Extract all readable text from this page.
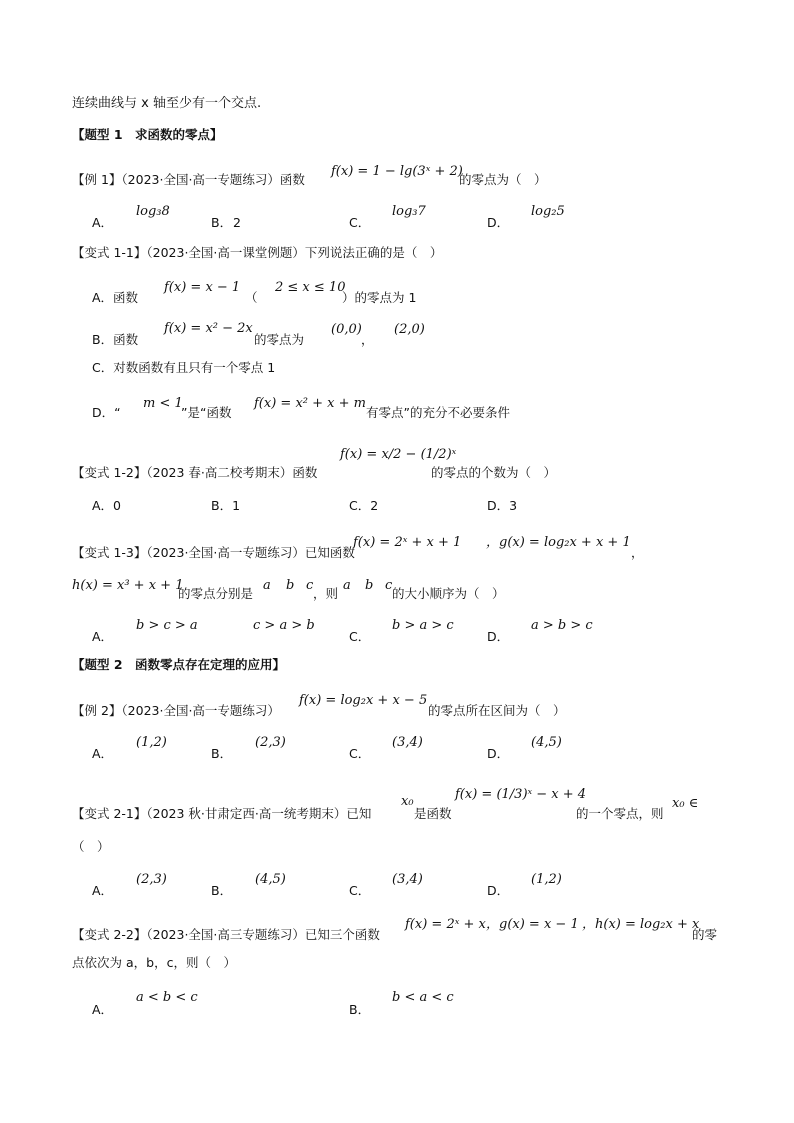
连续曲线与 x 轴至少有一个交点.
【题型 1　求函数的零点】
【例 1】（2023·全国·高一专题练习）函数
f(x) = 1 − lg(3ˣ + 2)
的零点为（　）
A．
log₃8
B． 2	C．
log₃7
D．
log₂5
【变式 1-1】（2023·全国·高一课堂例题）下列说法正确的是（　）
A．函数
f(x) = x − 1
（
2 ≤ x ≤ 10
）的零点为 1
B．函数
f(x) = x² − 2x
的零点为
(0,0)
，
(2,0)
C．对数函数有且只有一个零点 1
D．“
m < 1
”是“函数
f(x) = x² + x + m
有零点”的充分不必要条件
【变式 1-2】（2023 春·高二校考期末）函数
f(x) = x/2 − (1/2)ˣ
的零点的个数为（　）
A．0	B．1	C．2	D．3
【变式 1-3】（2023·全国·高一专题练习）已知函数
f(x) = 2ˣ + x + 1 ，g(x) = log₂x + x + 1
，
h(x) = x³ + x + 1
的零点分别是
a b c
，则
a b c
的大小顺序为（　）
A．
b > c > a	c > a > b
C．
b > a > c
D．
a > b > c
【题型 2　函数零点存在定理的应用】
【例 2】（2023·全国·高一专题练习）
f(x) = log₂x + x − 5
的零点所在区间为（　）
A．
(1,2)
B．
(2,3)
C．
(3,4)
D．
(4,5)
【变式 2-1】（2023 秋·甘肃定西·高一统考期末）已知
x₀
是函数
f(x) = (1/3)ˣ − x + 4
的一个零点，则
x₀ ∈
（　）
A．
(2,3)
B．
(4,5)
C．
(3,4)
D．
(1,2)
【变式 2-2】（2023·全国·高三专题练习）已知三个函数
f(x) = 2ˣ + x ，g(x) = x − 1 ，h(x) = log₂x + x
的零
点依次为 a，b，c，则（　）
A．
a < b < c
B．
b < a < c
